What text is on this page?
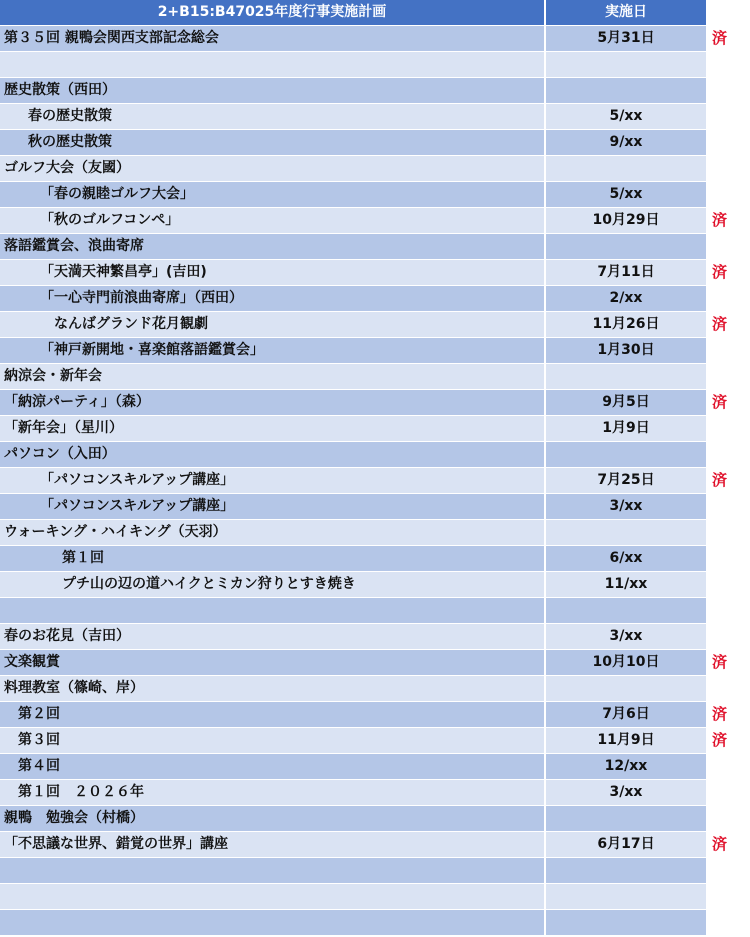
2+B15:B47025年度行事実施計画	実施日
第３５回 親鴨会関西支部記念総会	5月31日	済
歴史散策（西田）
春の歴史散策	5/xx
秋の歴史散策	9/xx
ゴルフ大会（友國）
「春の親睦ゴルフ大会」	5/xx
「秋のゴルフコンペ」	10月29日	済
落語鑑賞会、浪曲寄席
「天満天神繁昌亭」(吉田)	7月11日	済
「一心寺門前浪曲寄席」（西田）	2/xx
なんばグランド花月観劇	11月26日	済
「神戸新開地・喜楽館落語鑑賞会」	1月30日
納涼会・新年会
「納涼パーティ」（森）	9月5日	済
「新年会」（星川）	1月9日
パソコン（入田）
「パソコンスキルアップ講座」	7月25日	済
「パソコンスキルアップ講座」	3/xx
ウォーキング・ハイキング（天羽）
第１回	6/xx
プチ山の辺の道ハイクとミカン狩りとすき焼き	11/xx
春のお花見（吉田）	3/xx
文楽観賞	10月10日	済
料理教室（篠崎、岸）
第２回	7月6日	済
第３回	11月9日	済
第４回	12/xx
第１回　２０２６年	3/xx
親鴨　勉強会（村橋）
「不思議な世界、錯覚の世界」講座	6月17日	済
